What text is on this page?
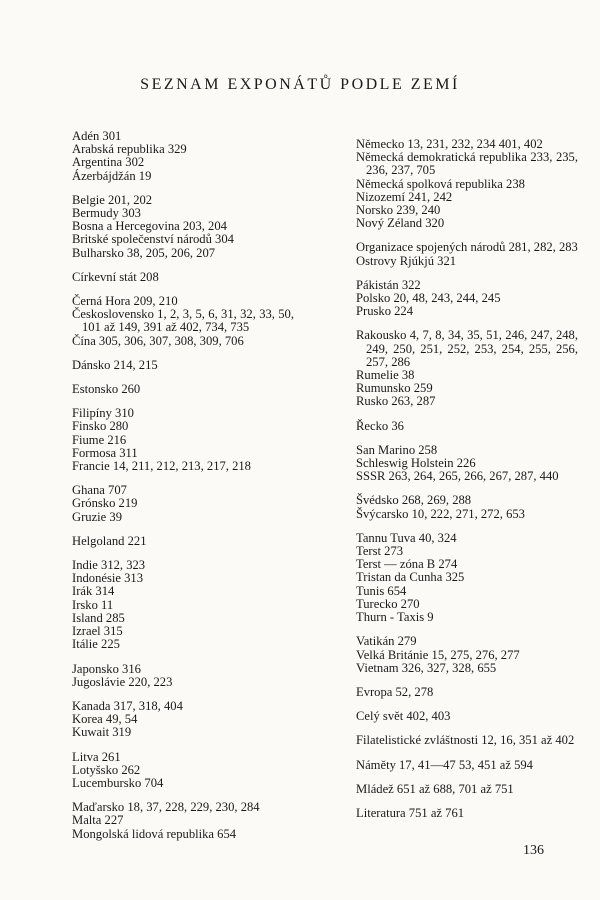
SEZNAM EXPONÁTŮ PODLE ZEMÍ
Adén 301
Arabská republika 329
Argentina 302
Ázerbájdžán 19
Belgie 201, 202
Bermudy 303
Bosna a Hercegovina 203, 204
Britské společenství národů 304
Bulharsko 38, 205, 206, 207
Církevní stát 208
Černá Hora 209, 210
Československo 1, 2, 3, 5, 6, 31, 32, 33, 50, 101 až 149, 391 až 402, 734, 735
Čína 305, 306, 307, 308, 309, 706
Dánsko 214, 215
Estonsko 260
Filipíny 310
Finsko 280
Fiume 216
Formosa 311
Francie 14, 211, 212, 213, 217, 218
Ghana 707
Grónsko 219
Gruzie 39
Helgoland 221
Indie 312, 323
Indonésie 313
Irák 314
Irsko 11
Island 285
Izrael 315
Itálie 225
Japonsko 316
Jugoslávie 220, 223
Kanada 317, 318, 404
Korea 49, 54
Kuwait 319
Litva 261
Lotyšsko 262
Lucembursko 704
Maďarsko 18, 37, 228, 229, 230, 284
Malta 227
Mongolská lidová republika 654
Německo 13, 231, 232, 234 401, 402
Německá demokratická republika 233, 235, 236, 237, 705
Německá spolková republika 238
Nizozemí 241, 242
Norsko 239, 240
Nový Zéland 320
Organizace spojených národů 281, 282, 283
Ostrovy Rjúkjú 321
Pákistán 322
Polsko 20, 48, 243, 244, 245
Prusko 224
Rakousko 4, 7, 8, 34, 35, 51, 246, 247, 248, 249, 250, 251, 252, 253, 254, 255, 256, 257, 286
Rumelie 38
Rumunsko 259
Rusko 263, 287
Řecko 36
San Marino 258
Schleswig Holstein 226
SSSR 263, 264, 265, 266, 267, 287, 440
Švédsko 268, 269, 288
Švýcarsko 10, 222, 271, 272, 653
Tannu Tuva 40, 324
Terst 273
Terst — zóna B 274
Tristan da Cunha 325
Tunis 654
Turecko 270
Thurn - Taxis 9
Vatikán 279
Velká Británie 15, 275, 276, 277
Vietnam 326, 327, 328, 655
Evropa 52, 278
Celý svět 402, 403
Filatelistické zvláštnosti 12, 16, 351 až 402
Náměty 17, 41—47 53, 451 až 594
Mládež 651 až 688, 701 až 751
Literatura 751 až 761
136
